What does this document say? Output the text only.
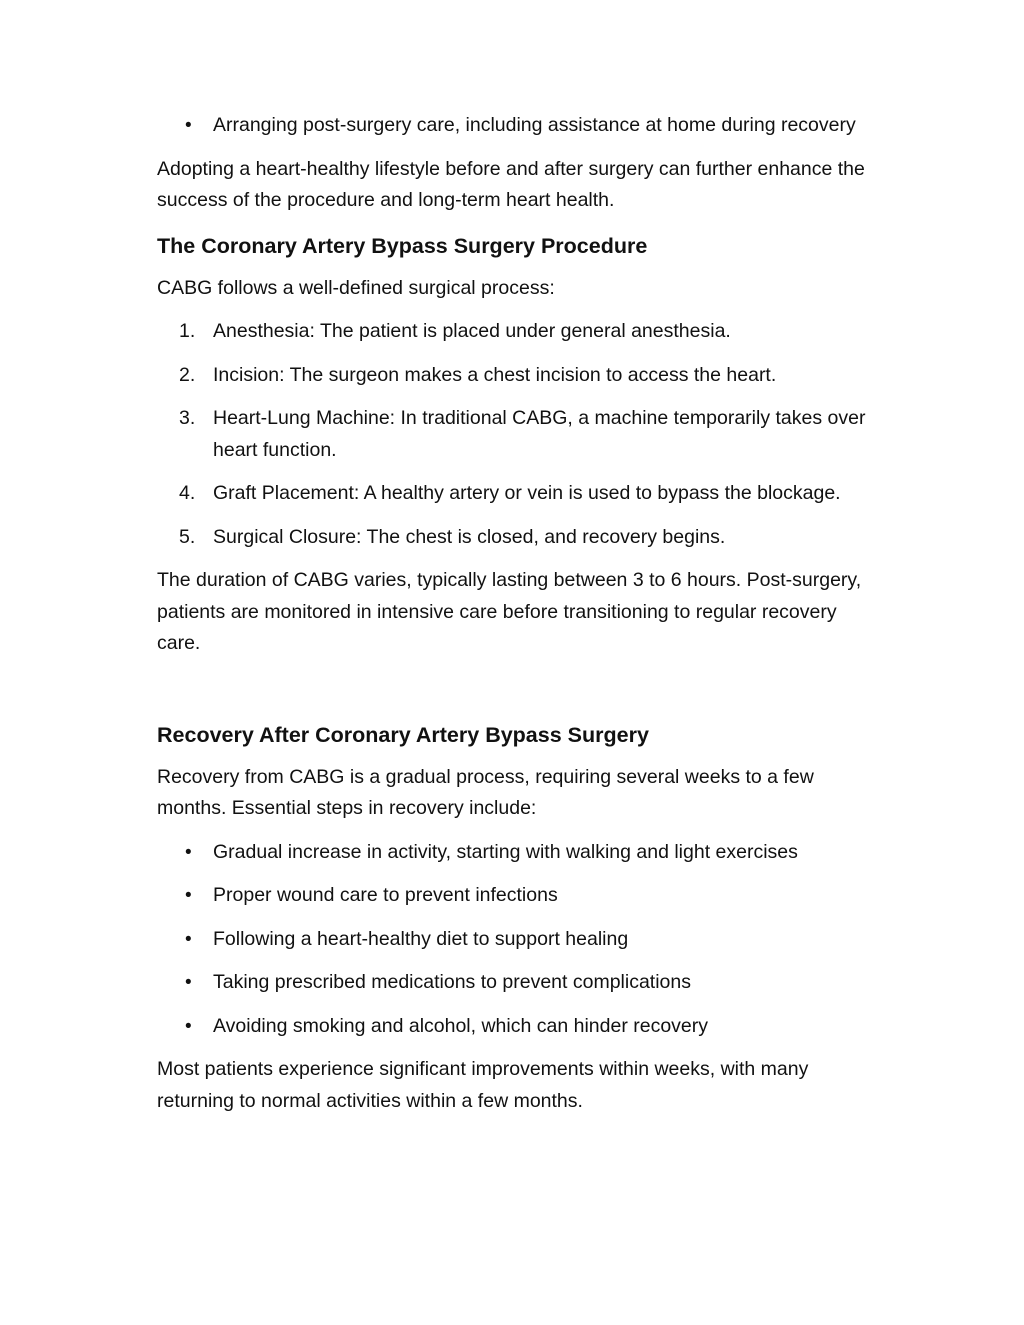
• Arranging post-surgery care, including assistance at home during recovery

Adopting a heart-healthy lifestyle before and after surgery can further enhance the success of the procedure and long-term heart health.

The Coronary Artery Bypass Surgery Procedure

CABG follows a well-defined surgical process:

1. Anesthesia: The patient is placed under general anesthesia.
2. Incision: The surgeon makes a chest incision to access the heart.
3. Heart-Lung Machine: In traditional CABG, a machine temporarily takes over heart function.
4. Graft Placement: A healthy artery or vein is used to bypass the blockage.
5. Surgical Closure: The chest is closed, and recovery begins.

The duration of CABG varies, typically lasting between 3 to 6 hours. Post-surgery, patients are monitored in intensive care before transitioning to regular recovery care.

Recovery After Coronary Artery Bypass Surgery

Recovery from CABG is a gradual process, requiring several weeks to a few months. Essential steps in recovery include:

• Gradual increase in activity, starting with walking and light exercises
• Proper wound care to prevent infections
• Following a heart-healthy diet to support healing
• Taking prescribed medications to prevent complications
• Avoiding smoking and alcohol, which can hinder recovery

Most patients experience significant improvements within weeks, with many returning to normal activities within a few months.
